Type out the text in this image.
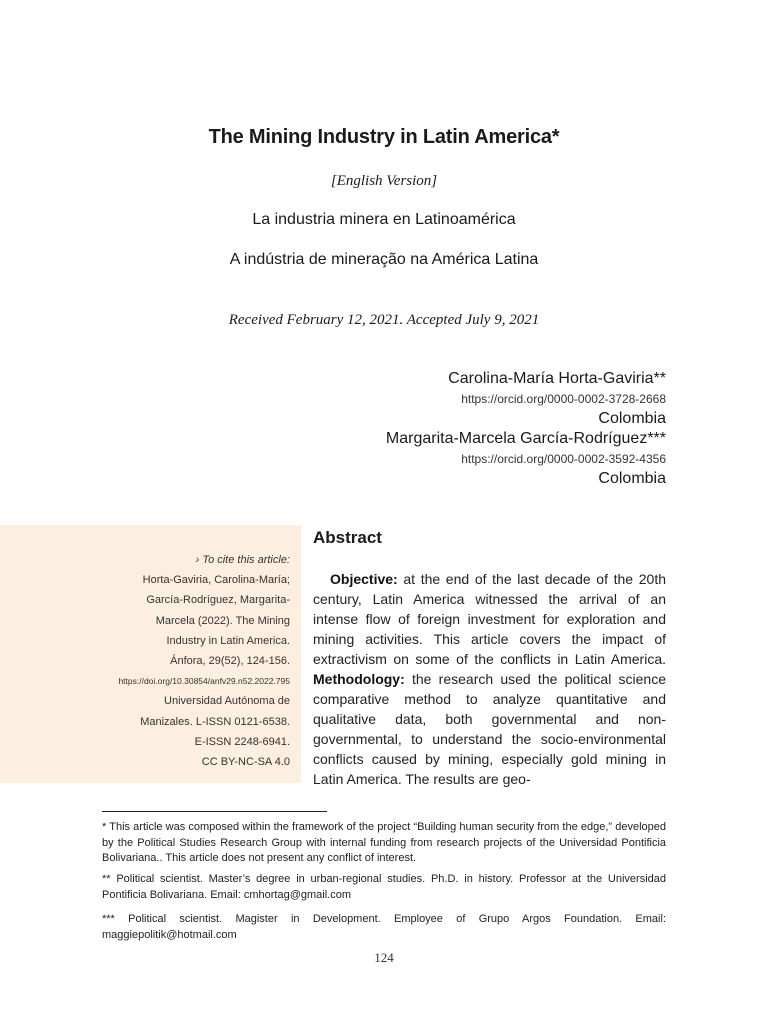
The Mining Industry in Latin America*
[English Version]
La industria minera en Latinoamérica
A indústria de mineração na América Latina
Received February 12, 2021. Accepted July 9, 2021
Carolina-María Horta-Gaviria**
https://orcid.org/0000-0002-3728-2668
Colombia
Margarita-Marcela García-Rodríguez***
https://orcid.org/0000-0002-3592-4356
Colombia
› To cite this article:
Horta-Gaviria, Carolina-María;
García-Rodríguez, Margarita-
Marcela (2022). The Mining
Industry in Latin America.
Ánfora, 29(52), 124-156.
https://doi.org/10.30854/anfv29.n52.2022.795
Universidad Autónoma de
Manizales. L-ISSN 0121-6538.
E-ISSN 2248-6941.
CC BY-NC-SA 4.0
Abstract
Objective: at the end of the last decade of the 20th century, Latin America witnessed the arrival of an intense flow of foreign investment for exploration and mining activities. This article covers the impact of extractivism on some of the conflicts in Latin America. Methodology: the research used the political science comparative method to analyze quantitative and qualitative data, both governmental and non-governmental, to understand the socio-environmental conflicts caused by mining, especially gold mining in Latin America. The results are geo-
* This article was composed within the framework of the project “Building human security from the edge,” developed by the Political Studies Research Group with internal funding from research projects of the Universidad Pontificia Bolivariana.. This article does not present any conflict of interest.
** Political scientist. Master’s degree in urban-regional studies. Ph.D. in history. Professor at the Universidad Pontificia Bolivariana. Email: cmhortag@gmail.com
*** Political scientist. Magister in Development. Employee of Grupo Argos Foundation. Email: maggiepolitik@hotmail.com
124
